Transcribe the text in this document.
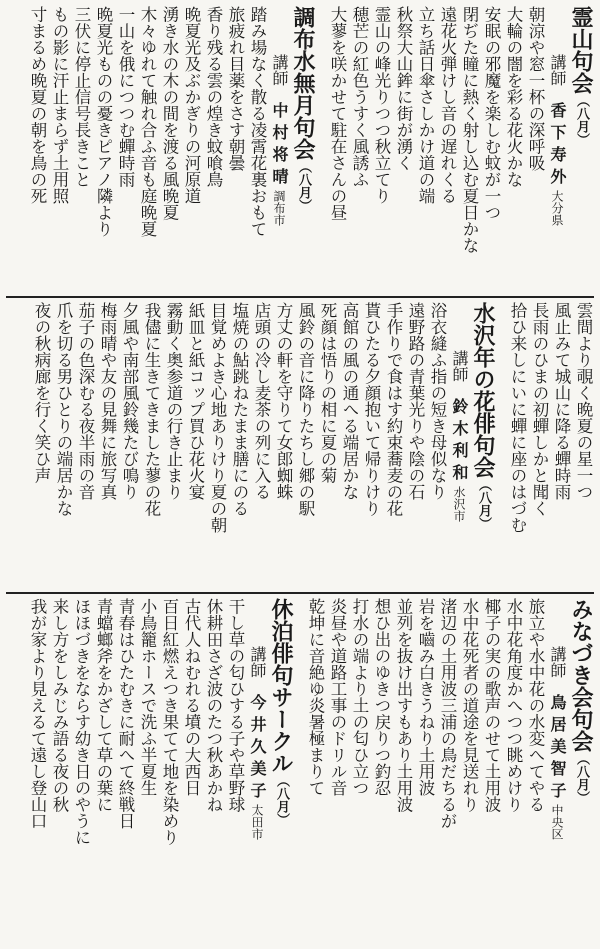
霊山句会（八月）
講師　香下寿外大分県
朝涼や窓一杯の深呼吸
大輪の闇を彩る花火かな
安眠の邪魔を楽しむ蚊が一つ
閉ぢた瞳に熱く射し込む夏日かな
遠花火弾けし音の遅れくる
立ち話日傘さしかけ道の端
秋祭大山鉾に街が湧く
霊山の峰光りつつ秋立てり
穂芒の紅色うすく風誘ふ
大蓼を咲かせて駐在さんの昼
調布水無月句会（八月）
講師　中村将晴調布市
踏み場なく散る凌霄花裏おもて
旅疲れ目薬をさす朝曇
香り残る雲の煌き蚊喰鳥
晩夏光及ぶかぎりの河原道
湧き水の木の間を渡る風晩夏
木々ゆれて触れ合ふ音も庭晩夏
一山を俄につつむ蟬時雨
晩夏光ものの憂きピアノ隣より
三伏に停止信号長きこと
もの影に汗止まらず土用照
寸まるめ晩夏の朝を鳥の死
雲間より覗く晩夏の星一つ
風止みて城山に降る蟬時雨
長雨のひまの初蟬しかと聞く
拾ひ来しにいに蟬に座のはづむ
水沢年の花俳句会（八月）
講師　鈴木利和水沢市
浴衣縫ふ指の短き母似なり
遠野路の青葉光りや陰の石
手作りで食はす約束蕎麦の花
貰ひたる夕顔抱いて帰りけり
高館の風の通へる端居かな
死顔は悟りの相に夏の菊
風鈴の音に降りたちし郷の駅
方丈の軒を守りて女郎蜘蛛
店頭の冷し麦茶の列に入る
塩焼の鮎跳ねたまま膳にのる
目覚めよき心地ありけり夏の朝
紙皿と紙コップ買ひ花火宴
霧動く奥参道の行き止まり
我儘に生きてきました蓼の花
夕風や南部風鈴幾たび鳴り
梅雨晴や友の見舞に旅写真
茄子の色深むる夜半雨の音
爪を切る男ひとりの端居かな
夜の秋病廊を行く笑ひ声
みなづき会句会（八月）
講師　鳥居美智子中央区
旅立や水中花の水変へてやる
水中花角度かへつつ眺めけり
椰子の実の歌声のせて土用波
水中花死者の道途を見送れり
渚辺の土用波三浦の鳥だちるが
岩を嚙み白きうねり土用波
並列を抜け出すもあり土用波
想ひ出のゆきつ戻りつ釣忍
打水の端より土の匂ひ立つ
炎昼や道路工事のドリル音
乾坤に音絶ゆ炎暑極まりて
休泊俳句サークル（八月）
講師　今井久美子太田市
干し草の匂ひする子や草野球
休耕田さざ波のたつ秋あかね
古代人ねむれる墳の大西日
百日紅燃えつき果てて地を染めり
小鳥籠ホースで洗ふ半夏生
青春はひたむきに耐へて終戦日
青蟷螂斧をかざして草の葉に
ほほづきをならす幼き日のやうに
来し方をしみじみ語る夜の秋
我が家より見えるて遠し登山口
